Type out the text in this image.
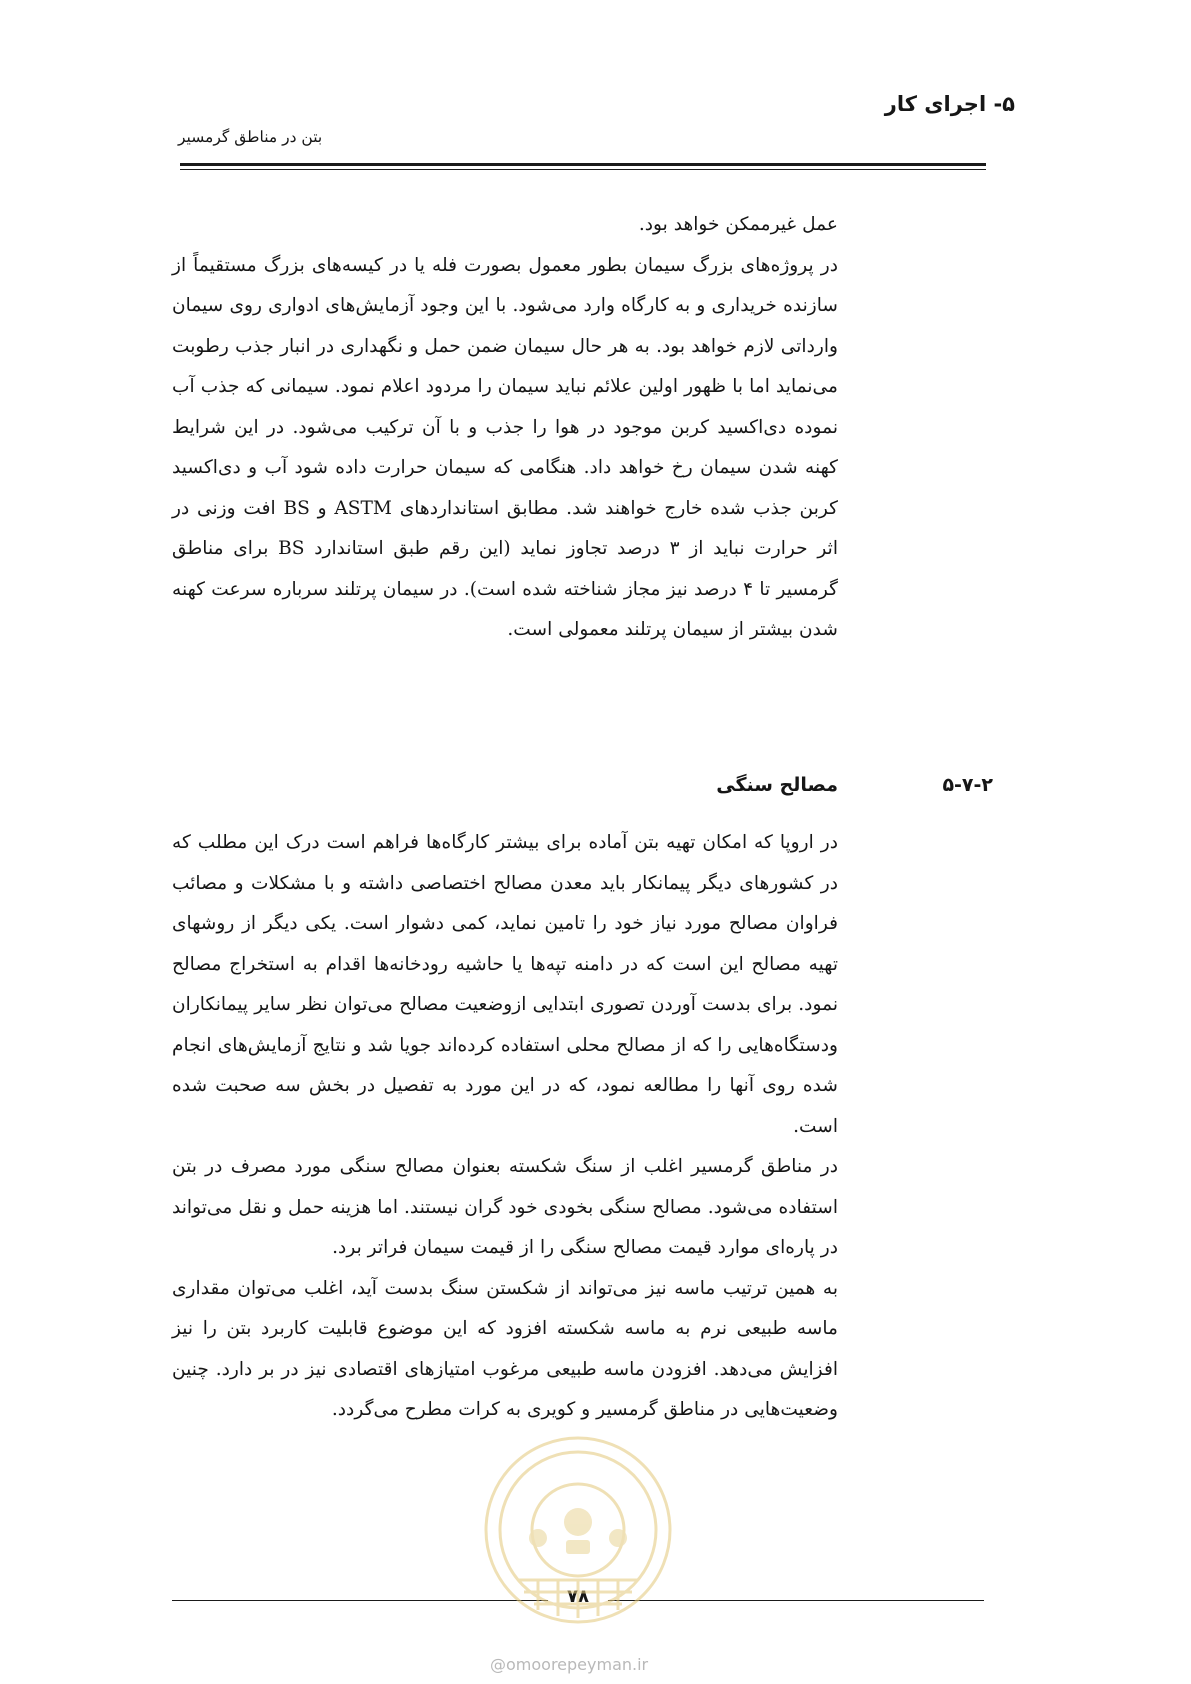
۵- اجرای کار
بتن در مناطق گرمسیر

عمل غیرممکن خواهد بود.

در پروژه‌های بزرگ سیمان بطور معمول بصورت فله یا در کیسه‌های بزرگ مستقیماً از سازنده خریداری و به کارگاه وارد می‌شود. با این وجود آزمایش‌های ادواری روی سیمان وارداتی لازم خواهد بود. به هر حال سیمان ضمن حمل و نگهداری در انبار جذب رطوبت می‌نماید اما با ظهور اولین علائم نباید سیمان را مردود اعلام نمود. سیمانی که جذب آب نموده دی‌اکسید کربن موجود در هوا را جذب و با آن ترکیب می‌شود. در این شرایط کهنه شدن سیمان رخ خواهد داد. هنگامی که سیمان حرارت داده شود آب و دی‌اکسید کربن جذب شده خارج خواهند شد. مطابق استانداردهای ASTM و BS افت وزنی در اثر حرارت نباید از ۳ درصد تجاوز نماید (این رقم طبق استاندارد BS برای مناطق گرمسیر تا ۴ درصد نیز مجاز شناخته شده است). در سیمان پرتلند سرباره سرعت کهنه شدن بیشتر از سیمان پرتلند معمولی است.

۵-۷-۲
مصالح سنگی

در اروپا که امکان تهیه بتن آماده برای بیشتر کارگاه‌ها فراهم است درک این مطلب که در کشورهای دیگر پیمانکار باید معدن مصالح اختصاصی داشته و با مشکلات و مصائب فراوان مصالح مورد نیاز خود را تامین نماید، کمی دشوار است. یکی دیگر از روشهای تهیه مصالح این است که در دامنه تپه‌ها یا حاشیه رودخانه‌ها اقدام به استخراج مصالح نمود. برای بدست آوردن تصوری ابتدایی ازوضعیت مصالح می‌توان نظر سایر پیمانکاران ودستگاه‌هایی را که از مصالح محلی استفاده کرده‌اند جویا شد و نتایج آزمایش‌های انجام شده روی آنها را مطالعه نمود، که در این مورد به تفصیل در بخش سه صحبت شده است.

در مناطق گرمسیر اغلب از سنگ شکسته بعنوان مصالح سنگی مورد مصرف در بتن استفاده می‌شود. مصالح سنگی بخودی خود گران نیستند. اما هزینه حمل و نقل می‌تواند در پاره‌ای موارد قیمت مصالح سنگی را از قیمت سیمان فراتر برد.

به همین ترتیب ماسه نیز می‌تواند از شکستن سنگ بدست آید، اغلب می‌توان مقداری ماسه طبیعی نرم به ماسه شکسته افزود که این موضوع قابلیت کاربرد بتن را نیز افزایش می‌دهد. افزودن ماسه طبیعی مرغوب امتیازهای اقتصادی نیز در بر دارد. چنین وضعیت‌هایی در مناطق گرمسیر و کویری به کرات مطرح می‌گردد.

۷۸
@omoorepeyman.ir
